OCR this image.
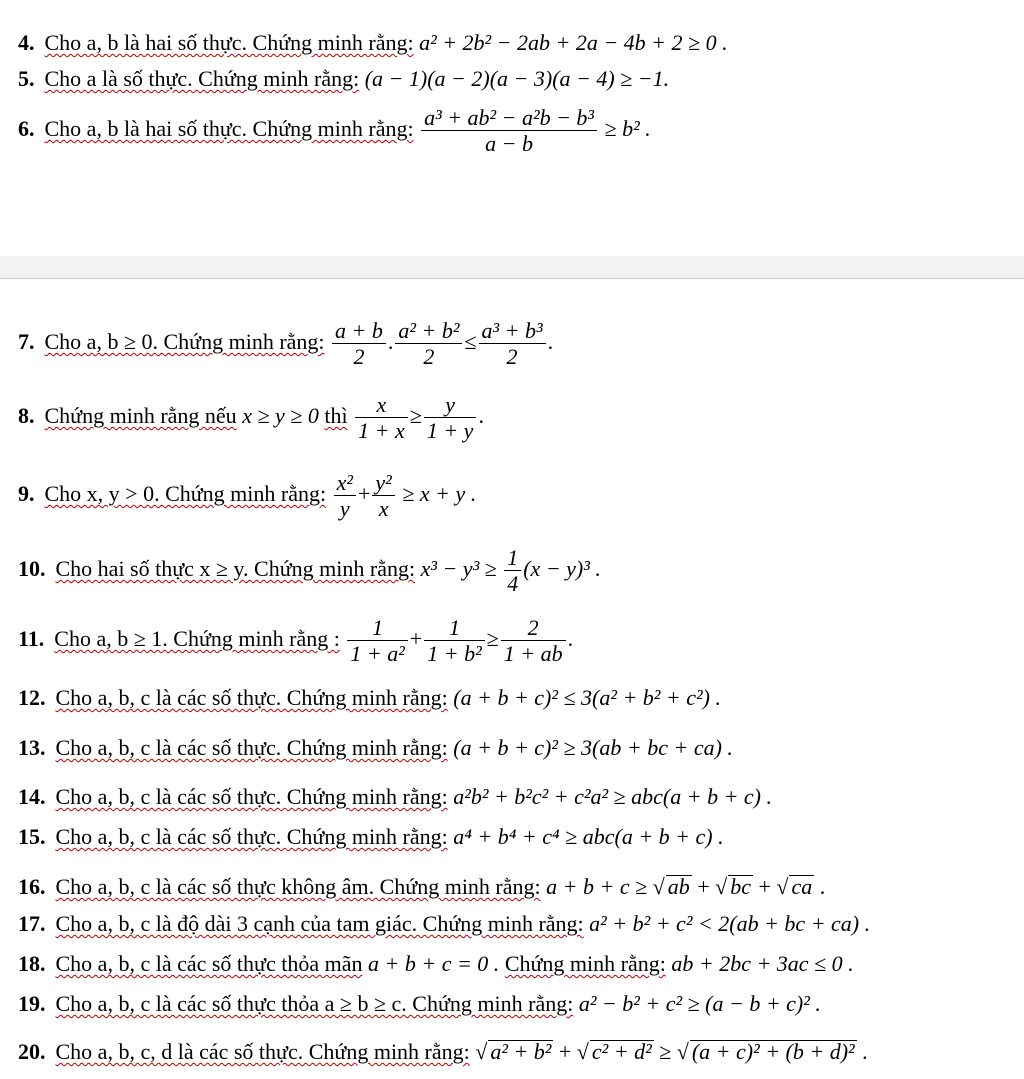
4. Cho a, b là hai số thực. Chứng minh rằng: a² + 2b² − 2ab + 2a − 4b + 2 ≥ 0 .
5. Cho a là số thực. Chứng minh rằng: (a − 1)(a − 2)(a − 3)(a − 4) ≥ −1.
6. Cho a, b là hai số thực. Chứng minh rằng: $\frac{\text{a³ + ab² − a²b − b³}}{a - b} \ge b^2$ .
7. Cho a, b ≥ 0. Chứng minh rằng: $\frac{a + b}{2}$ . $\frac{\text{a² + b²}}{2} \le \frac{\text{a³ + b³}}{2}$ .
8. Chứng minh rằng nếu x ≥ y ≥ 0 thì $\frac{x}{1 + x} \ge \frac{y}{1 + y}$ .
9. Cho x, y > 0. Chứng minh rằng: $\frac{\text{x²}}{y} + \frac{\text{y²}}{x} \ge x + y$ .
10. Cho hai số thực x ≥ y. Chứng minh rằng: $x^3 - y^3 \ge \frac{1}{4} (x - y)^3$ .
11. Cho a, b ≥ 1. Chứng minh rằng : $\frac{1}{\text{1 + a²}} + \frac{1}{\text{1 + b²}} \ge \frac{2}{1 + ab}$ .
12. Cho a, b, c là các số thực. Chứng minh rằng: (a + b + c)² ≤ 3(a² + b² + c²) .
13. Cho a, b, c là các số thực. Chứng minh rằng: (a + b + c)² ≥ 3(ab + bc + ca) .
14. Cho a, b, c là các số thực. Chứng minh rằng: a²b² + b²c² + c²a² ≥ abc(a + b + c) .
15. Cho a, b, c là các số thực. Chứng minh rằng: a⁴ + b⁴ + c⁴ ≥ abc(a + b + c) .
16. Cho a, b, c là các số thực không âm. Chứng minh rằng: a + b + c ≥ √ ab + √ bc + √ ca .
17. Cho a, b, c là độ dài 3 cạnh của tam giác. Chứng minh rằng: a² + b² + c² < 2(ab + bc + ca) .
18. Cho a, b, c là các số thực thỏa mãn a + b + c = 0 . Chứng minh rằng: ab + 2bc + 3ac ≤ 0 .
19. Cho a, b, c là các số thực thỏa a ≥ b ≥ c. Chứng minh rằng: a² − b² + c² ≥ (a − b + c)² .
20. Cho a, b, c, d là các số thực. Chứng minh rằng: √ a² + b² + √ c² + d² ≥ √ (a + c)² + (b + d)² .
